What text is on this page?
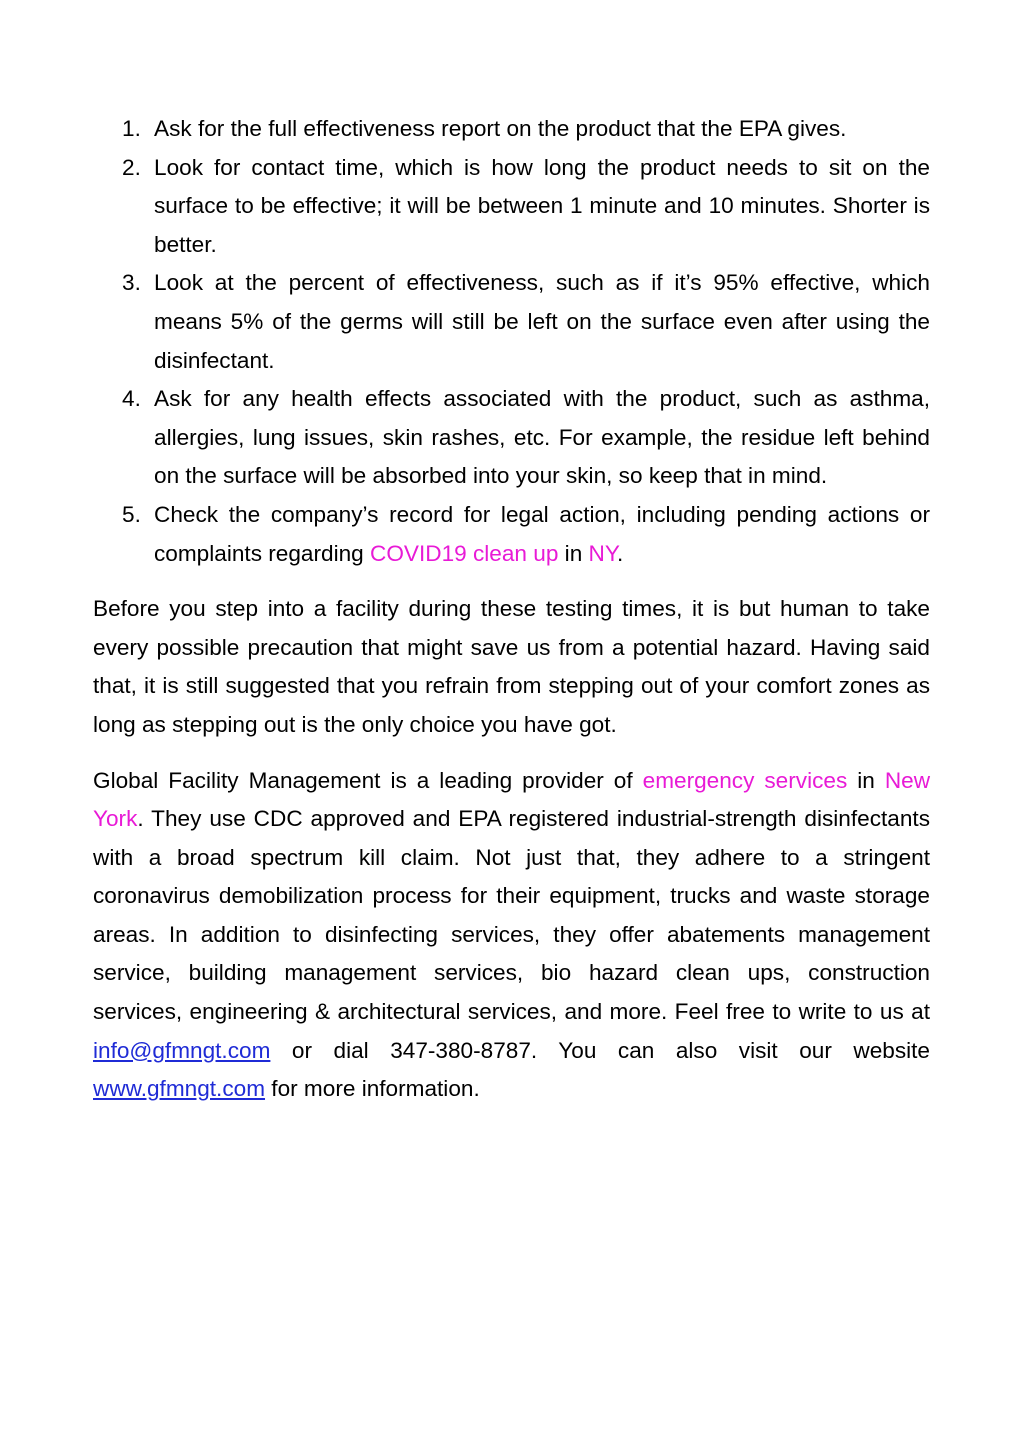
1. Ask for the full effectiveness report on the product that the EPA gives.
2. Look for contact time, which is how long the product needs to sit on the surface to be effective; it will be between 1 minute and 10 minutes. Shorter is better.
3. Look at the percent of effectiveness, such as if it’s 95% effective, which means 5% of the germs will still be left on the surface even after using the disinfectant.
4. Ask for any health effects associated with the product, such as asthma, allergies, lung issues, skin rashes, etc. For example, the residue left behind on the surface will be absorbed into your skin, so keep that in mind.
5. Check the company’s record for legal action, including pending actions or complaints regarding COVID19 clean up in NY.

Before you step into a facility during these testing times, it is but human to take every possible precaution that might save us from a potential hazard. Having said that, it is still suggested that you refrain from stepping out of your comfort zones as long as stepping out is the only choice you have got.

Global Facility Management is a leading provider of emergency services in New York. They use CDC approved and EPA registered industrial-strength disinfectants with a broad spectrum kill claim. Not just that, they adhere to a stringent coronavirus demobilization process for their equipment, trucks and waste storage areas. In addition to disinfecting services, they offer abatements management service, building management services, bio hazard clean ups, construction services, engineering & architectural services, and more. Feel free to write to us at info@gfmngt.com or dial 347-380-8787. You can also visit our website www.gfmngt.com for more information.
